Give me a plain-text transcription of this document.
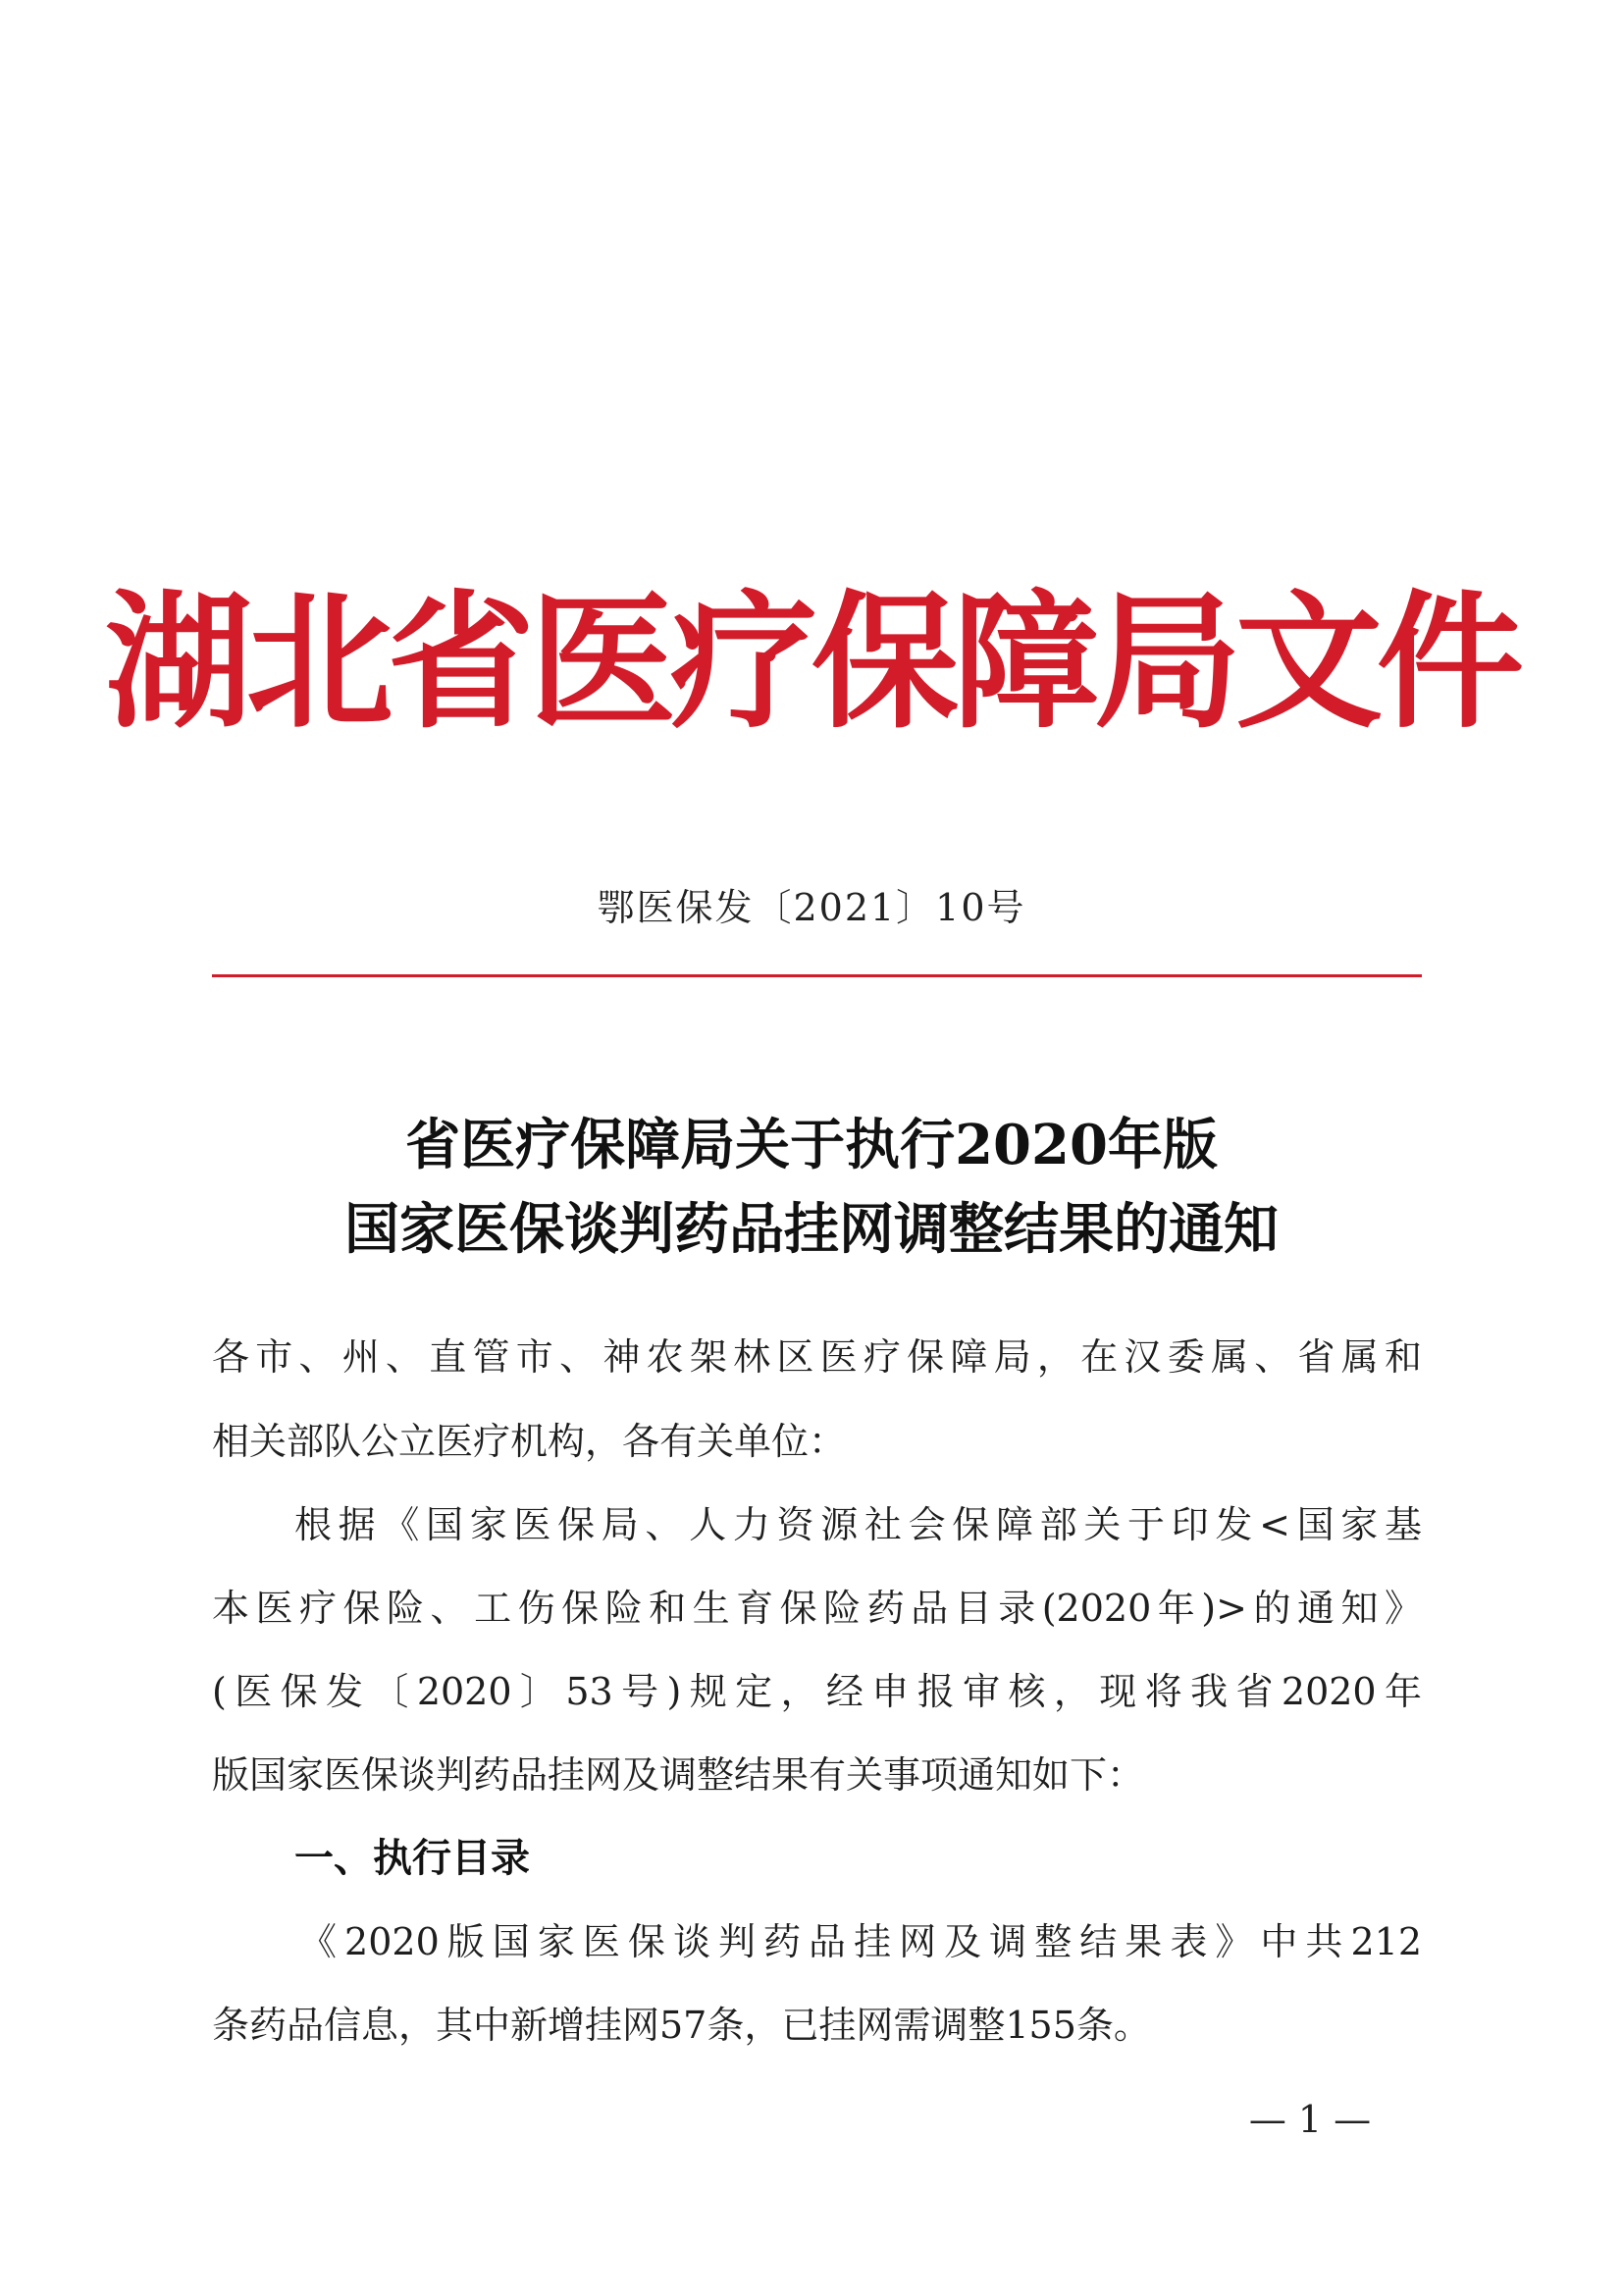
湖北省医疗保障局文件
鄂医保发〔2021〕10号
省医疗保障局关于执行2020年版
国家医保谈判药品挂网调整结果的通知
各市、州、直管市、神农架林区医疗保障局，在汉委属、省属和
相关部队公立医疗机构，各有关单位：
根据《国家医保局、人力资源社会保障部关于印发<国家基
本医疗保险、工伤保险和生育保险药品目录(2020年)>的通知》
(医保发〔2020〕53号)规定，经申报审核，现将我省2020年
版国家医保谈判药品挂网及调整结果有关事项通知如下：
一、执行目录
《2020版国家医保谈判药品挂网及调整结果表》中共212
条药品信息，其中新增挂网57条，已挂网需调整155条。
— 1 —
